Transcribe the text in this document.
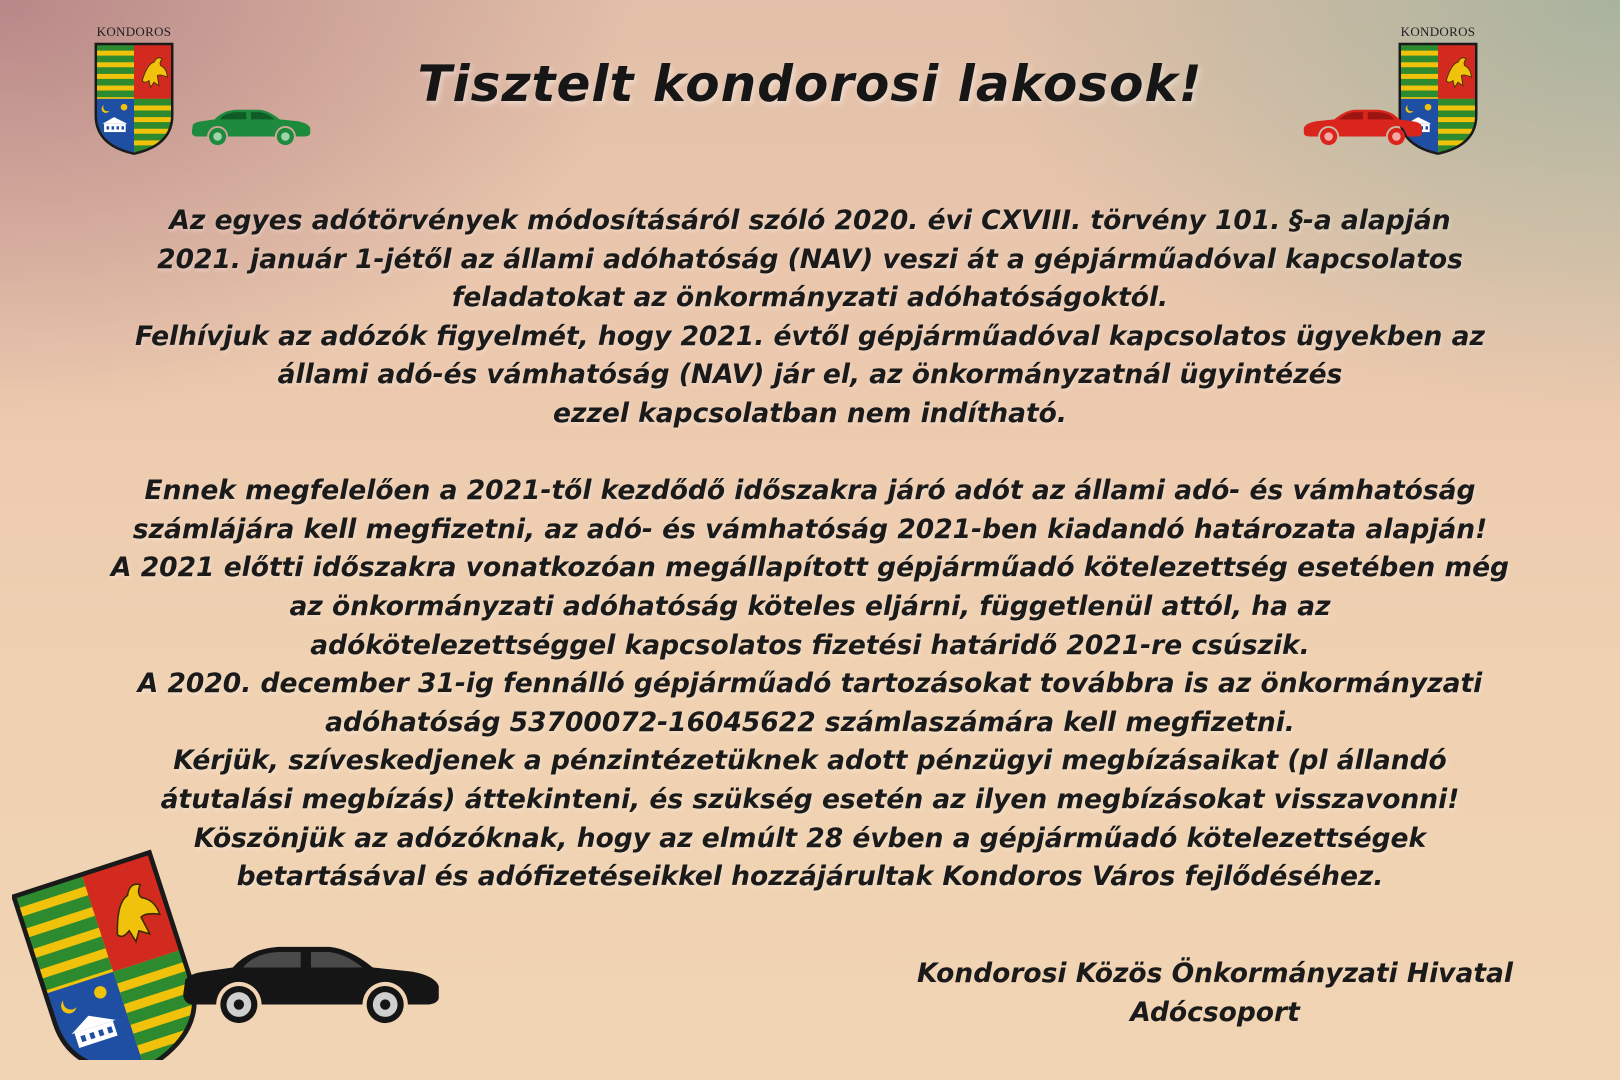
KONDOROS	KONDOROS
Tisztelt kondorosi lakosok!
Az egyes adótörvények módosításáról szóló 2020. évi CXVIII. törvény 101. §-a alapján
2021. január 1-jétől az állami adóhatóság (NAV) veszi át a gépjárműadóval kapcsolatos
feladatokat az önkormányzati adóhatóságoktól.
Felhívjuk az adózók figyelmét, hogy 2021. évtől gépjárműadóval kapcsolatos ügyekben az
állami adó-és vámhatóság (NAV) jár el, az önkormányzatnál ügyintézés
ezzel kapcsolatban nem indítható.
Ennek megfelelően a 2021-től kezdődő időszakra járó adót az állami adó- és vámhatóság
számlájára kell megfizetni, az adó- és vámhatóság 2021-ben kiadandó határozata alapján!
A 2021 előtti időszakra vonatkozóan megállapított gépjárműadó kötelezettség esetében még
az önkormányzati adóhatóság köteles eljárni, függetlenül attól, ha az
adókötelezettséggel kapcsolatos fizetési határidő 2021-re csúszik.
A 2020. december 31-ig fennálló gépjárműadó tartozásokat továbbra is az önkormányzati
adóhatóság 53700072-16045622 számlaszámára kell megfizetni.
Kérjük, szíveskedjenek a pénzintézetüknek adott pénzügyi megbízásaikat (pl állandó
átutalási megbízás) áttekinteni, és szükség esetén az ilyen megbízásokat visszavonni!
Köszönjük az adózóknak, hogy az elmúlt 28 évben a gépjárműadó kötelezettségek
betartásával és adófizetéseikkel hozzájárultak Kondoros Város fejlődéséhez.
Kondorosi Közös Önkormányzati Hivatal
Adócsoport
